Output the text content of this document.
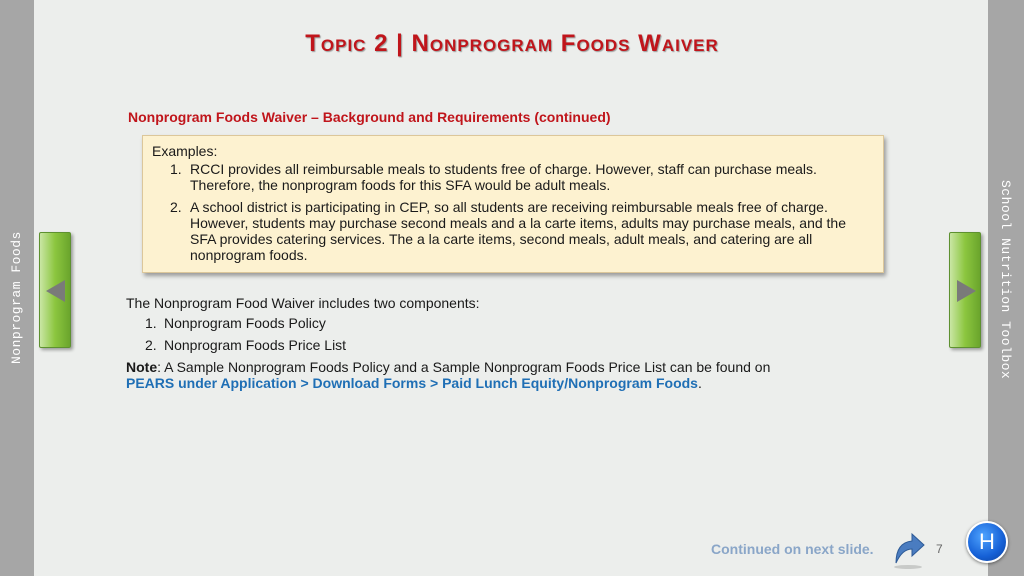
Nonprogram Foods	School Nutrition Toolbox
Topic 2 | Nonprogram Foods Waiver
Nonprogram Foods Waiver – Background and Requirements (continued)
Examples:
1. RCCI provides all reimbursable meals to students free of charge. However, staff can purchase meals. Therefore, the nonprogram foods for this SFA would be adult meals.
2. A school district is participating in CEP, so all students are receiving reimbursable meals free of charge. However, students may purchase second meals and a la carte items, adults may purchase meals, and the SFA provides catering services. The a la carte items, second meals, adult meals, and catering are all nonprogram foods.
The Nonprogram Food Waiver includes two components:
1. Nonprogram Foods Policy
2. Nonprogram Foods Price List
Note: A Sample Nonprogram Foods Policy and a Sample Nonprogram Foods Price List can be found on
PEARS under Application > Download Forms > Paid Lunch Equity/Nonprogram Foods.
Continued on next slide.	7	H
